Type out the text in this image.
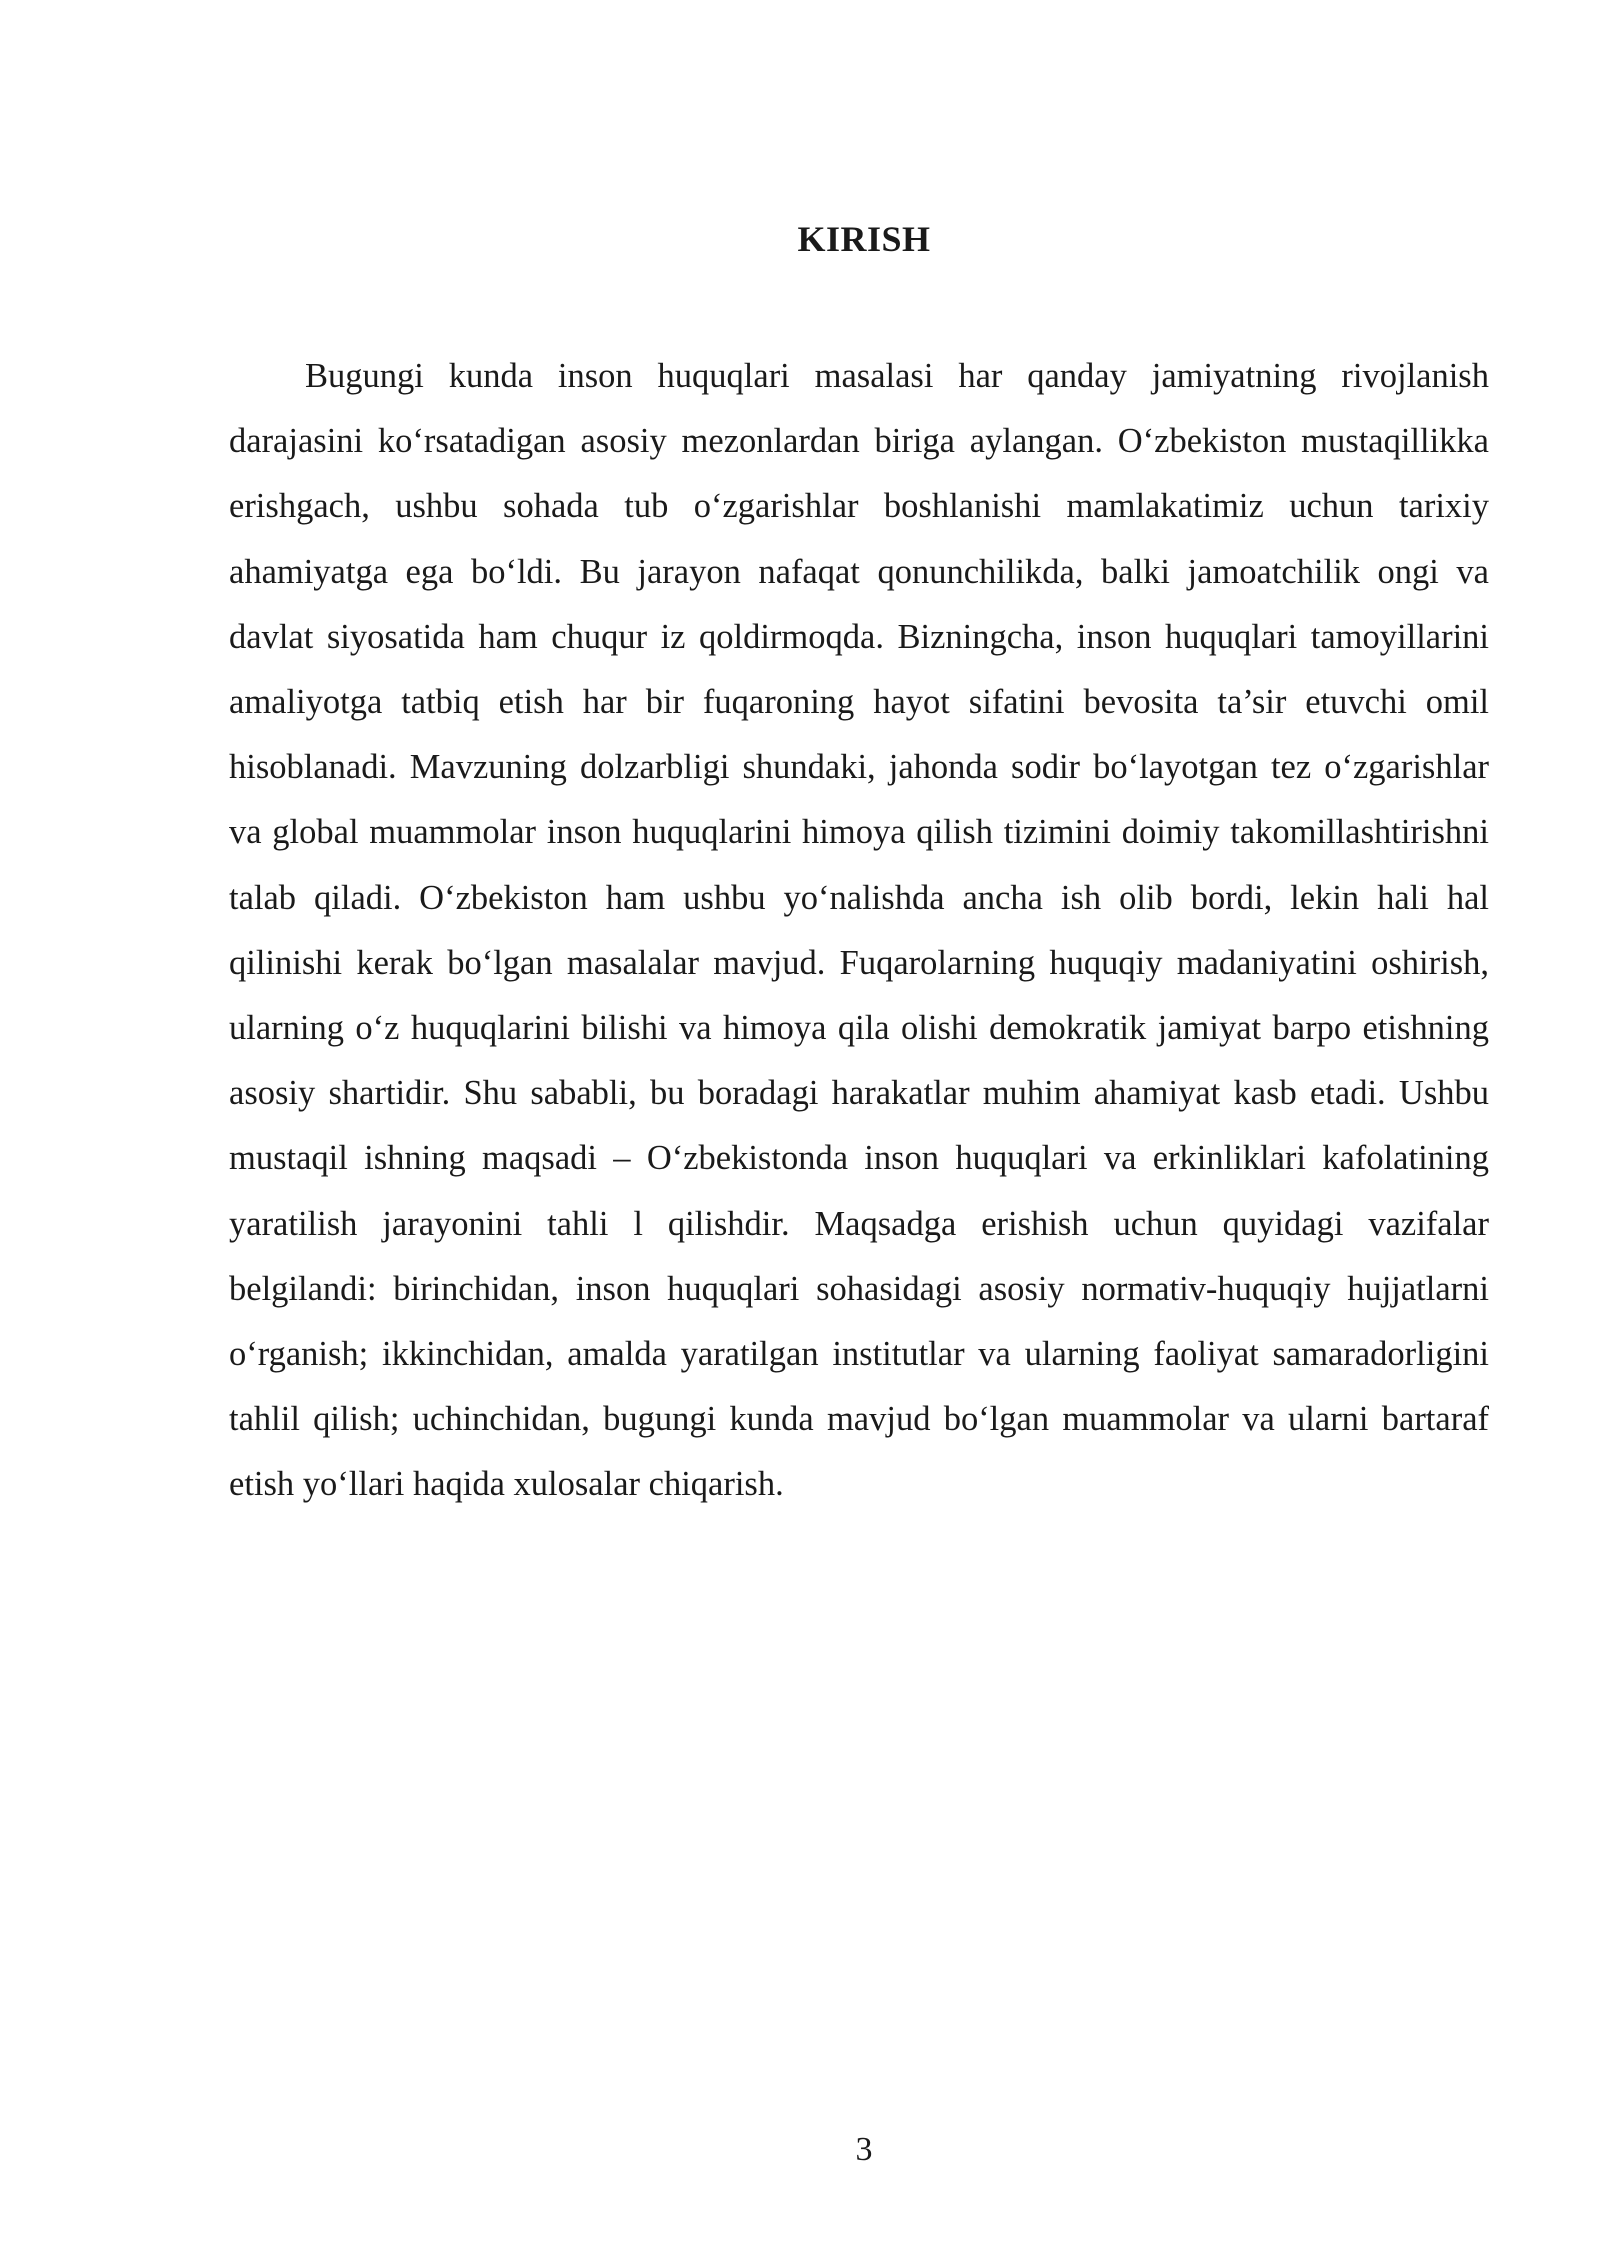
KIRISH

Bugungi kunda inson huquqlari masalasi har qanday jamiyatning rivojlanish darajasini ko‘rsatadigan asosiy mezonlardan biriga aylangan. O‘zbekiston mustaqillikka erishgach, ushbu sohada tub o‘zgarishlar boshlanishi mamlakatimiz uchun tarixiy ahamiyatga ega bo‘ldi. Bu jarayon nafaqat qonunchilikda, balki jamoatchilik ongi va davlat siyosatida ham chuqur iz qoldirmoqda. Bizningcha, inson huquqlari tamoyillarini amaliyotga tatbiq etish har bir fuqaroning hayot sifatini bevosita ta’sir etuvchi omil hisoblanadi. Mavzuning dolzarbligi shundaki, jahonda sodir bo‘layotgan tez o‘zgarishlar va global muammolar inson huquqlarini himoya qilish tizimini doimiy takomillashtirishni talab qiladi. O‘zbekiston ham ushbu yo‘nalishda ancha ish olib bordi, lekin hali hal qilinishi kerak bo‘lgan masalalar mavjud. Fuqarolarning huquqiy madaniyatini oshirish, ularning o‘z huquqlarini bilishi va himoya qila olishi demokratik jamiyat barpo etishning asosiy shartidir. Shu sababli, bu boradagi harakatlar muhim ahamiyat kasb etadi. Ushbu mustaqil ishning maqsadi – O‘zbekistonda inson huquqlari va erkinliklari kafolatining yaratilish jarayonini tahli l qilishdir. Maqsadga erishish uchun quyidagi vazifalar belgilandi: birinchidan, inson huquqlari sohasidagi asosiy normativ-huquqiy hujjatlarni o‘rganish; ikkinchidan, amalda yaratilgan institutlar va ularning faoliyat samaradorligini tahlil qilish; uchinchidan, bugungi kunda mavjud bo‘lgan muammolar va ularni bartaraf etish yo‘llari haqida xulosalar chiqarish.

3
